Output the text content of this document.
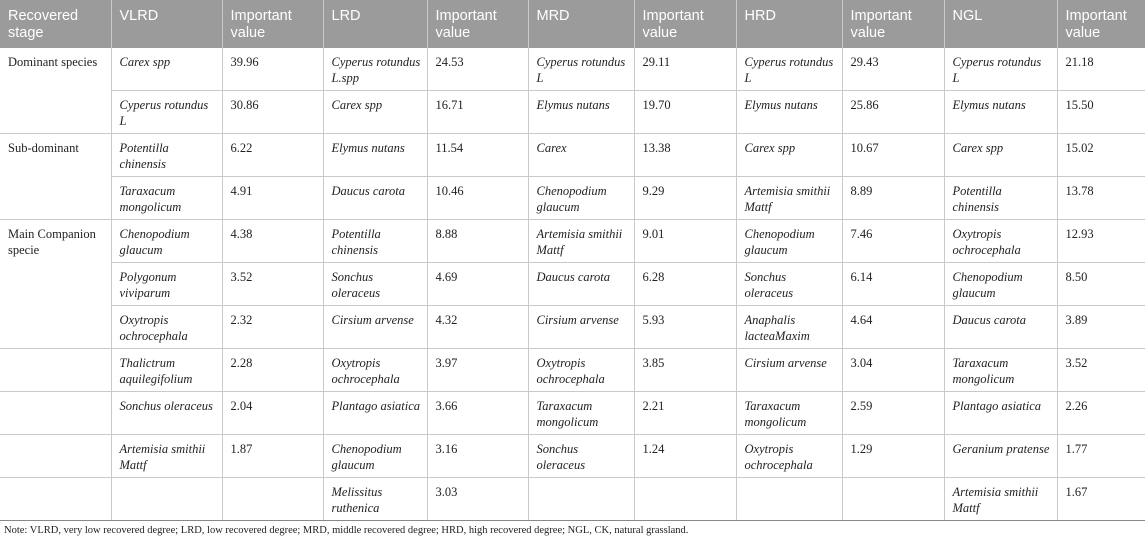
Recovered stage	VLRD	Important value	LRD	Important value	MRD	Important value	HRD	Important value	NGL	Important value
Dominant species	Carex spp	39.96	Cyperus rotundus L.spp	24.53	Cyperus rotundus L	29.11	Cyperus rotundus L	29.43	Cyperus rotundus L	21.18
	Cyperus rotundus L	30.86	Carex spp	16.71	Elymus nutans	19.70	Elymus nutans	25.86	Elymus nutans	15.50
Sub-dominant	Potentilla chinensis	6.22	Elymus nutans	11.54	Carex	13.38	Carex spp	10.67	Carex spp	15.02
	Taraxacum mongolicum	4.91	Daucus carota	10.46	Chenopodium glaucum	9.29	Artemisia smithii Mattf	8.89	Potentilla chinensis	13.78
Main Companion specie	Chenopodium glaucum	4.38	Potentilla chinensis	8.88	Artemisia smithii Mattf	9.01	Chenopodium glaucum	7.46	Oxytropis ochrocephala	12.93
	Polygonum viviparum	3.52	Sonchus oleraceus	4.69	Daucus carota	6.28	Sonchus oleraceus	6.14	Chenopodium glaucum	8.50
	Oxytropis ochrocephala	2.32	Cirsium arvense	4.32	Cirsium arvense	5.93	Anaphalis lacteaMaxim	4.64	Daucus carota	3.89
	Thalictrum aquilegifolium	2.28	Oxytropis ochrocephala	3.97	Oxytropis ochrocephala	3.85	Cirsium arvense	3.04	Taraxacum mongolicum	3.52
	Sonchus oleraceus	2.04	Plantago asiatica	3.66	Taraxacum mongolicum	2.21	Taraxacum mongolicum	2.59	Plantago asiatica	2.26
	Artemisia smithii Mattf	1.87	Chenopodium glaucum	3.16	Sonchus oleraceus	1.24	Oxytropis ochrocephala	1.29	Geranium pratense	1.77
			Melissitus ruthenica	3.03					Artemisia smithii Mattf	1.67
Note: VLRD, very low recovered degree; LRD, low recovered degree; MRD, middle recovered degree; HRD, high recovered degree; NGL, CK, natural grassland.
